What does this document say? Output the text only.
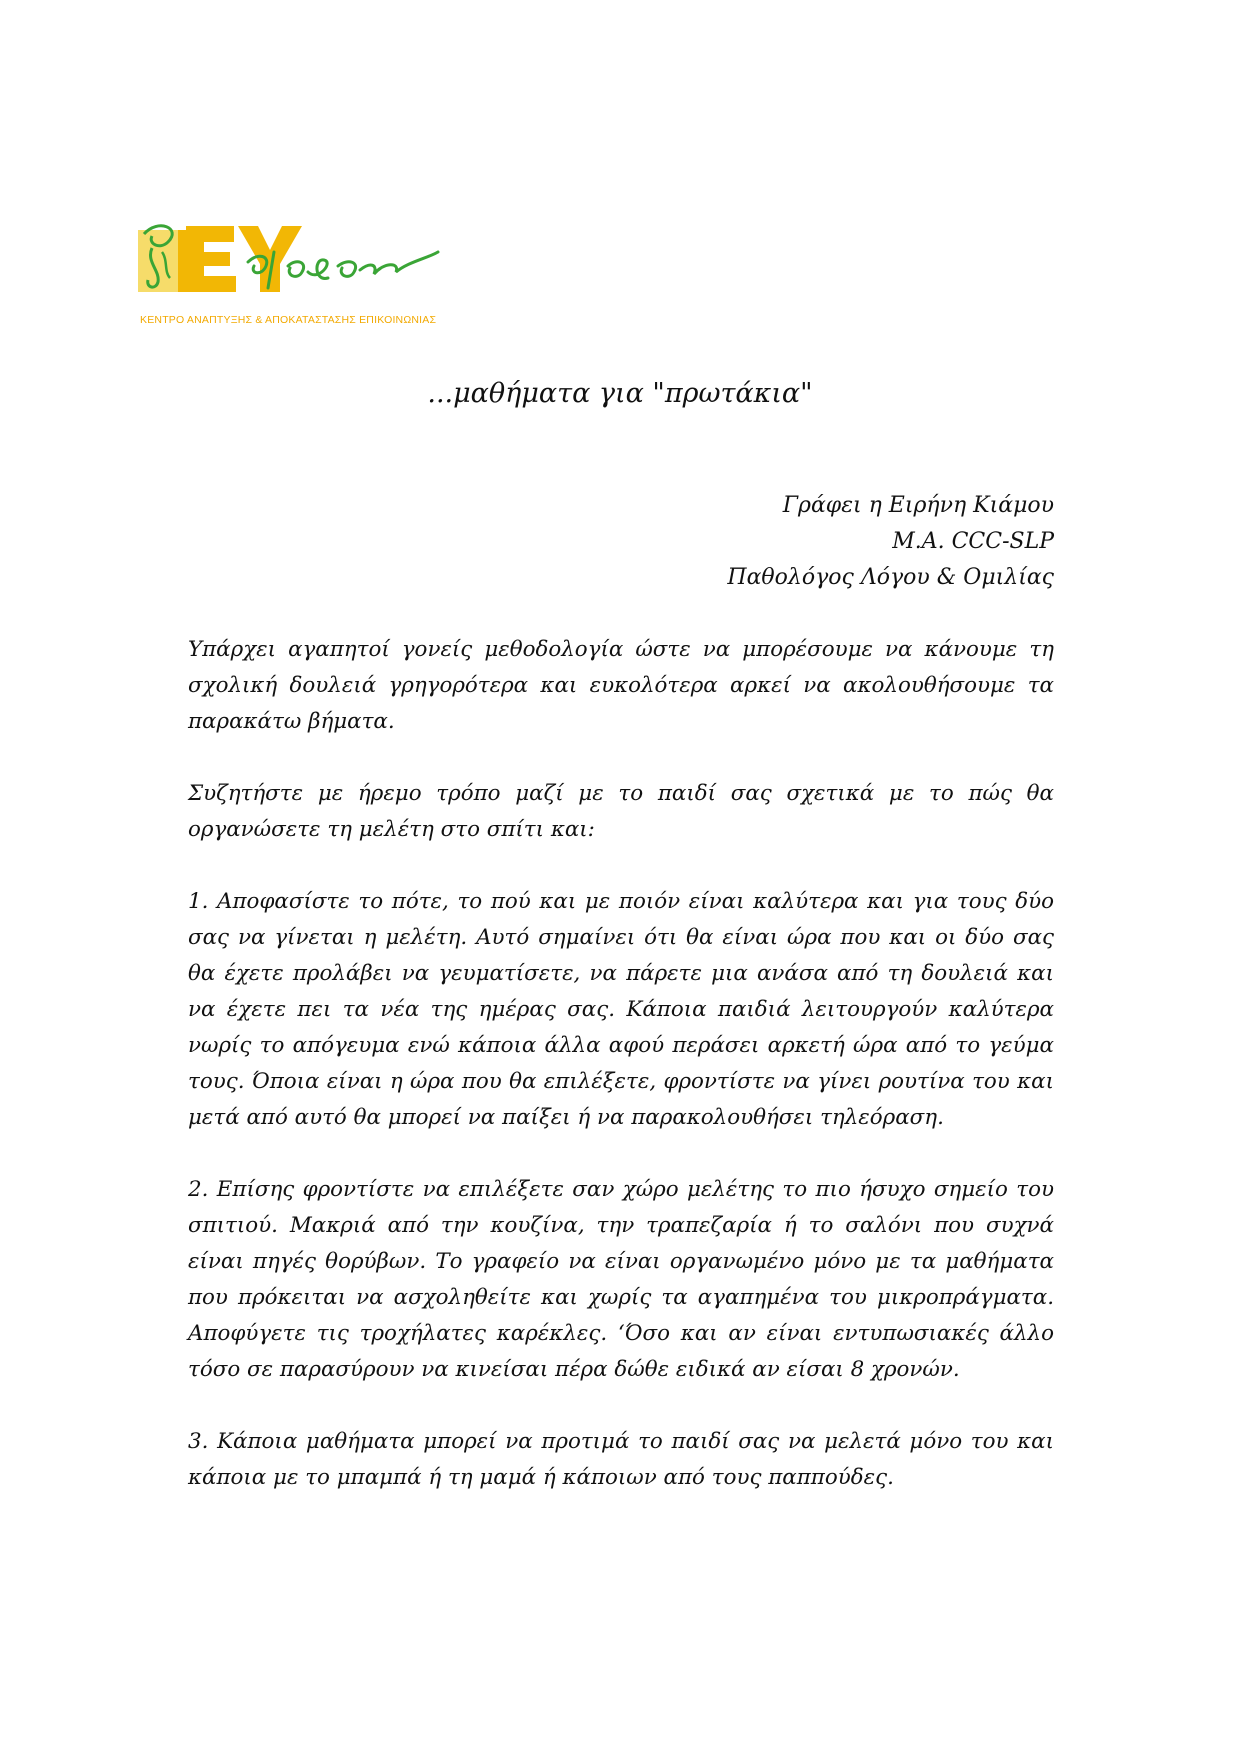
ΚΕΝΤΡΟ ΑΝΑΠΤΥΞΗΣ & ΑΠΟΚΑΤΑΣΤΑΣΗΣ ΕΠΙΚΟΙΝΩΝΙΑΣ
...μαθήματα για "πρωτάκια"
Γράφει η Ειρήνη Κιάμου
M.A. CCC-SLP
Παθολόγος Λόγου & Ομιλίας

Υπάρχει αγαπητοί γονείς μεθοδολογία ώστε να μπορέσουμε να κάνουμε τη σχολική δουλειά γρηγορότερα και ευκολότερα αρκεί να ακολουθήσουμε τα παρακάτω βήματα.

Συζητήστε με ήρεμο τρόπο μαζί με το παιδί σας σχετικά με το πώς θα οργανώσετε τη μελέτη στο σπίτι και:

1. Αποφασίστε το πότε, το πού και με ποιόν είναι καλύτερα και για τους δύο σας να γίνεται η μελέτη. Αυτό σημαίνει ότι θα είναι ώρα που και οι δύο σας θα έχετε προλάβει να γευματίσετε, να πάρετε μια ανάσα από τη δουλειά και να έχετε πει τα νέα της ημέρας σας. Κάποια παιδιά λειτουργούν καλύτερα νωρίς το απόγευμα ενώ κάποια άλλα αφού περάσει αρκετή ώρα από το γεύμα τους. Όποια είναι η ώρα που θα επιλέξετε, φροντίστε να γίνει ρουτίνα του και μετά από αυτό θα μπορεί να παίξει ή να παρακολουθήσει τηλεόραση.

2. Επίσης φροντίστε να επιλέξετε σαν χώρο μελέτης το πιο ήσυχο σημείο του σπιτιού. Μακριά από την κουζίνα, την τραπεζαρία ή το σαλόνι που συχνά είναι πηγές θορύβων. Το γραφείο να είναι οργανωμένο μόνο με τα μαθήματα που πρόκειται να ασχοληθείτε και χωρίς τα αγαπημένα του μικροπράγματα. Αποφύγετε τις τροχήλατες καρέκλες. ‘Όσο και αν είναι εντυπωσιακές άλλο τόσο σε παρασύρουν να κινείσαι πέρα δώθε ειδικά αν είσαι 8 χρονών.

3. Κάποια μαθήματα μπορεί να προτιμά το παιδί σας να μελετά μόνο του και κάποια με το μπαμπά ή τη μαμά ή κάποιων από τους παππούδες.
